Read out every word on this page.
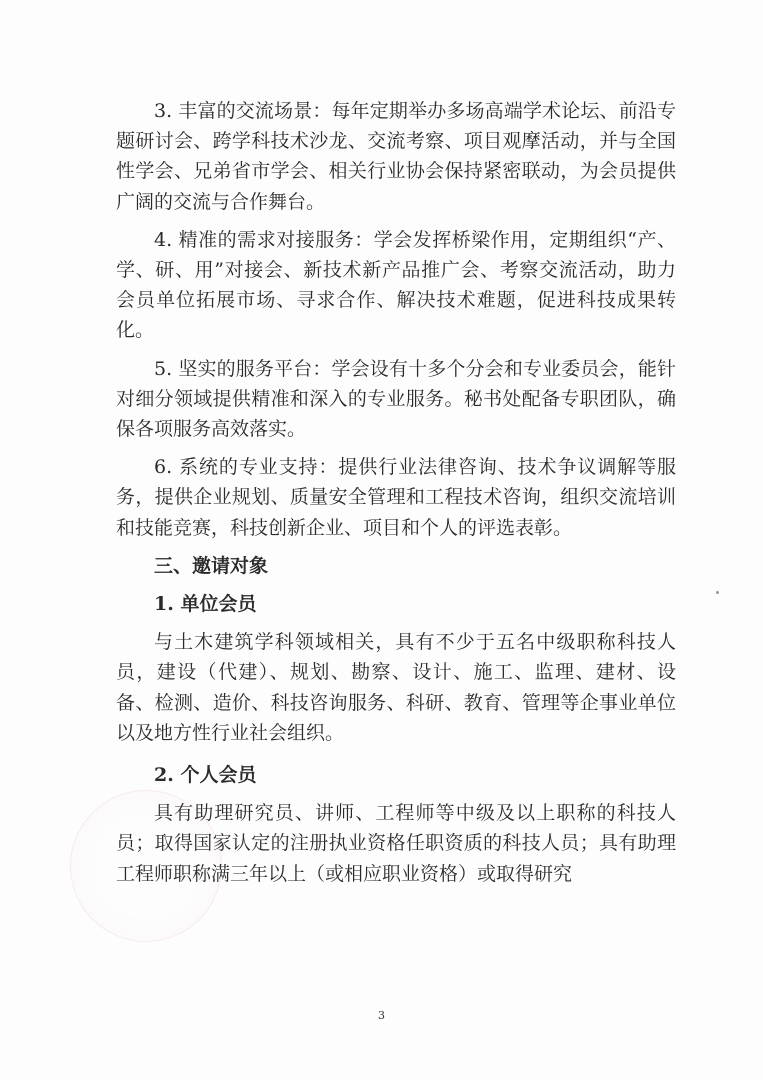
3. 丰富的交流场景：每年定期举办多场高端学术论坛、前沿专题研讨会、跨学科技术沙龙、交流考察、项目观摩活动，并与全国性学会、兄弟省市学会、相关行业协会保持紧密联动，为会员提供广阔的交流与合作舞台。

4. 精准的需求对接服务：学会发挥桥梁作用，定期组织“产、学、研、用”对接会、新技术新产品推广会、考察交流活动，助力会员单位拓展市场、寻求合作、解决技术难题，促进科技成果转化。

5. 坚实的服务平台：学会设有十多个分会和专业委员会，能针对细分领域提供精准和深入的专业服务。秘书处配备专职团队，确保各项服务高效落实。

6. 系统的专业支持：提供行业法律咨询、技术争议调解等服务，提供企业规划、质量安全管理和工程技术咨询，组织交流培训和技能竞赛，科技创新企业、项目和个人的评选表彰。

三、邀请对象

1. 单位会员

与土木建筑学科领域相关，具有不少于五名中级职称科技人员，建设（代建）、规划、勘察、设计、施工、监理、建材、设备、检测、造价、科技咨询服务、科研、教育、管理等企事业单位以及地方性行业社会组织。

2. 个人会员

具有助理研究员、讲师、工程师等中级及以上职称的科技人员；取得国家认定的注册执业资格任职资质的科技人员；具有助理工程师职称满三年以上（或相应职业资格）或取得研究

3
